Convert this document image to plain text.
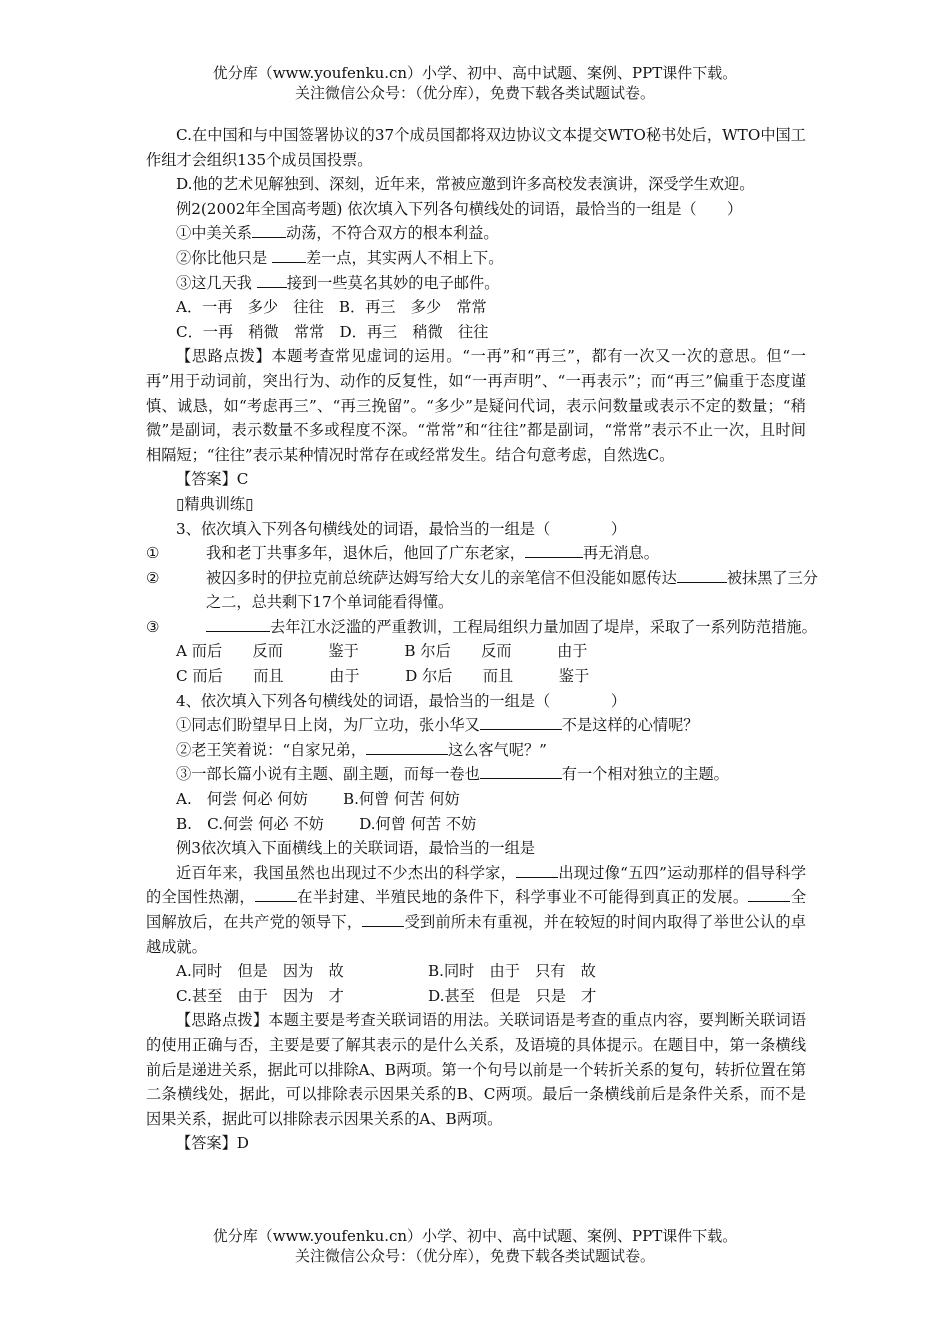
优分库（www.youfenku.cn）小学、初中、高中试题、案例、PPT课件下载。
关注微信公众号：（优分库），免费下载各类试题试卷。

C.在中国和与中国签署协议的37个成员国都将双边协议文本提交WTO秘书处后，WTO中国工作组才会组织135个成员国投票。

D.他的艺术见解独到、深刻，近年来，常被应邀到许多高校发表演讲，深受学生欢迎。

例2(2002年全国高考题) 依次填入下列各句横线处的词语，最恰当的一组是（　　）

①中美关系 动荡，不符合双方的根本利益。

②你比他只是	差一点，其实两人不相上下。

③这几天我 接到一些莫名其妙的电子邮件。

A．一再　多少　往往　B．再三　多少　常常

C．一再　稍微　常常　D．再三　稍微　往往

【思路点拨】本题考查常见虚词的运用。“一再”和“再三”，都有一次又一次的意思。但“一再”用于动词前，突出行为、动作的反复性，如“一再声明”、“一再表示”；而“再三”偏重于态度谨慎、诚恳，如“考虑再三”、“再三挽留”。“多少”是疑问代词，表示问数量或表示不定的数量；“稍微”是副词，表示数量不多或程度不深。“常常”和“往往”都是副词，“常常”表示不止一次，且时间相隔短；“往往”表示某种情况时常存在或经常发生。结合句意考虑，自然选C。

【答案】C

▯精典训练▯

3、依次填入下列各句横线处的词语，最恰当的一组是（　　　　）

①	我和老丁共事多年，退休后，他回了广东老家，	再无消息。

②	被囚多时的伊拉克前总统萨达姆写给大女儿的亲笔信不但没能如愿传达	被抹黑了三分之二，总共剩下17个单词能看得懂。

③	去年江水泛滥的严重教训，工程局组织力量加固了堤岸，采取了一系列防范措施。

A 而后　　反而　　　鉴于　　　B 尔后　　反而　　　由于

C 而后　　而且　　　由于　　　D 尔后　　而且　　　鉴于

4、依次填入下列各句横线处的词语，最恰当的一组是（　　　　）

①同志们盼望早日上岗，为厂立功，张小华又	不是这样的心情呢？

②老王笑着说：“自家兄弟，	这么客气呢？”

③一部长篇小说有主题、副主题，而每一卷也	有一个相对独立的主题。

A.　何尝 何必 何妨　　 B.何曾 何苦 何妨

B.　C.何尝 何必 不妨　　 D.何曾 何苦 不妨

例3依次填入下面横线上的关联词语，最恰当的一组是

近百年来，我国虽然也出现过不少杰出的科学家，	出现过像“五四”运动那样的倡导科学的全国性热潮，	在半封建、半殖民地的条件下，科学事业不可能得到真正的发展。	全国解放后，在共产党的领导下，	受到前所未有重视，并在较短的时间内取得了举世公认的卓越成就。

A.同时　但是　因为　故	B.同时　由于　只有　故

C.甚至　由于　因为　才	D.甚至　但是　只是　才

【思路点拨】本题主要是考查关联词语的用法。关联词语是考查的重点内容，要判断关联词语的使用正确与否，主要是要了解其表示的是什么关系，及语境的具体提示。在题目中，第一条横线前后是递进关系，据此可以排除A、B两项。第一个句号以前是一个转折关系的复句，转折位置在第二条横线处，据此，可以排除表示因果关系的B、C两项。最后一条横线前后是条件关系，而不是因果关系，据此可以排除表示因果关系的A、B两项。

【答案】D

优分库（www.youfenku.cn）小学、初中、高中试题、案例、PPT课件下载。
关注微信公众号：（优分库），免费下载各类试题试卷。
